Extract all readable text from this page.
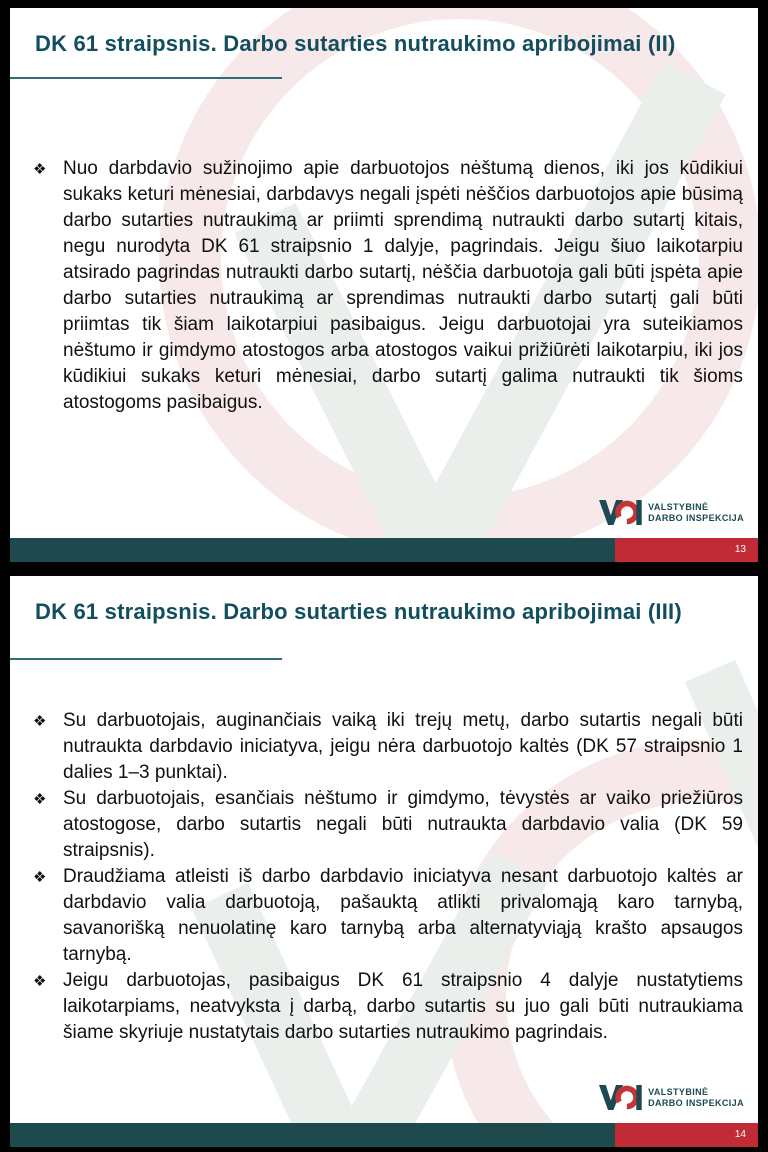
DK 61 straipsnis. Darbo sutarties nutraukimo apribojimai (II)
❖ Nuo darbdavio sužinojimo apie darbuotojos nėštumą dienos, iki jos kūdikiui sukaks keturi mėnesiai, darbdavys negali įspėti nėščios darbuotojos apie būsimą darbo sutarties nutraukimą ar priimti sprendimą nutraukti darbo sutartį kitais, negu nurodyta DK 61 straipsnio 1 dalyje, pagrindais. Jeigu šiuo laikotarpiu atsirado pagrindas nutraukti darbo sutartį, nėščia darbuotoja gali būti įspėta apie darbo sutarties nutraukimą ar sprendimas nutraukti darbo sutartį gali būti priimtas tik šiam laikotarpiui pasibaigus. Jeigu darbuotojai yra suteikiamos nėštumo ir gimdymo atostogos arba atostogos vaikui prižiūrėti laikotarpiu, iki jos kūdikiui sukaks keturi mėnesiai, darbo sutartį galima nutraukti tik šioms atostogoms pasibaigus.
VALSTYBINĖ
DARBO INSPEKCIJA
13
DK 61 straipsnis. Darbo sutarties nutraukimo apribojimai (III)
❖ Su darbuotojais, auginančiais vaiką iki trejų metų, darbo sutartis negali būti nutraukta darbdavio iniciatyva, jeigu nėra darbuotojo kaltės (DK 57 straipsnio 1 dalies 1–3 punktai).
❖ Su darbuotojais, esančiais nėštumo ir gimdymo, tėvystės ar vaiko priežiūros atostogose, darbo sutartis negali būti nutraukta darbdavio valia (DK 59 straipsnis).
❖ Draudžiama atleisti iš darbo darbdavio iniciatyva nesant darbuotojo kaltės ar darbdavio valia darbuotoją, pašauktą atlikti privalomąją karo tarnybą, savanorišką nenuolatinę karo tarnybą arba alternatyviąją krašto apsaugos tarnybą.
❖ Jeigu darbuotojas, pasibaigus DK 61 straipsnio 4 dalyje nustatytiems laikotarpiams, neatvyksta į darbą, darbo sutartis su juo gali būti nutraukiama šiame skyriuje nustatytais darbo sutarties nutraukimo pagrindais.
VALSTYBINĖ
DARBO INSPEKCIJA
14
